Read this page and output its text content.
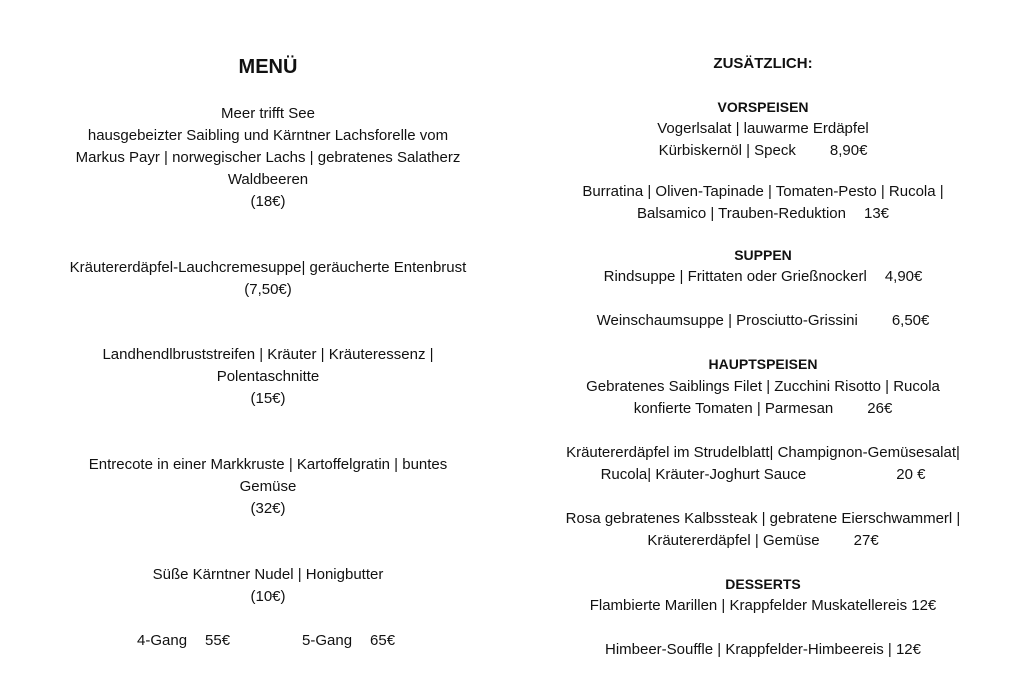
MENÜ
Meer trifft See
hausgebeizter Saibling und Kärntner Lachsforelle vom
Markus Payr | norwegischer Lachs | gebratenes Salatherz
Waldbeeren
(18€)
Kräutererdäpfel-Lauchcremesuppe| geräucherte Entenbrust
(7,50€)
Landhendlbruststreifen | Kräuter | Kräuteressenz |
Polentaschnitte
(15€)
Entrecote in einer Markkruste | Kartoffelgratin | buntes
Gemüse
(32€)
Süße Kärntner Nudel | Honigbutter
(10€)
4-Gang 55€	5-Gang 65€
ZUSÄTZLICH:
VORSPEISEN
Vogerlsalat | lauwarme Erdäpfel
Kürbiskernöl | Speck 8,90€
Burratina | Oliven-Tapinade | Tomaten-Pesto | Rucola |
Balsamico | Trauben-Reduktion 13€
SUPPEN
Rindsuppe | Frittaten oder Grießnockerl 4,90€
Weinschaumsuppe | Prosciutto-Grissini 6,50€
HAUPTSPEISEN
Gebratenes Saiblings Filet | Zucchini Risotto | Rucola
konfierte Tomaten | Parmesan 26€
Kräutererdäpfel im Strudelblatt| Champignon-Gemüsesalat|
Rucola| Kräuter-Joghurt Sauce	20 €
Rosa gebratenes Kalbssteak | gebratene Eierschwammerl |
Kräutererdäpfel | Gemüse 27€
DESSERTS
Flambierte Marillen | Krappfelder Muskatellereis 12€
Himbeer-Souffle | Krappfelder-Himbeereis | 12€
